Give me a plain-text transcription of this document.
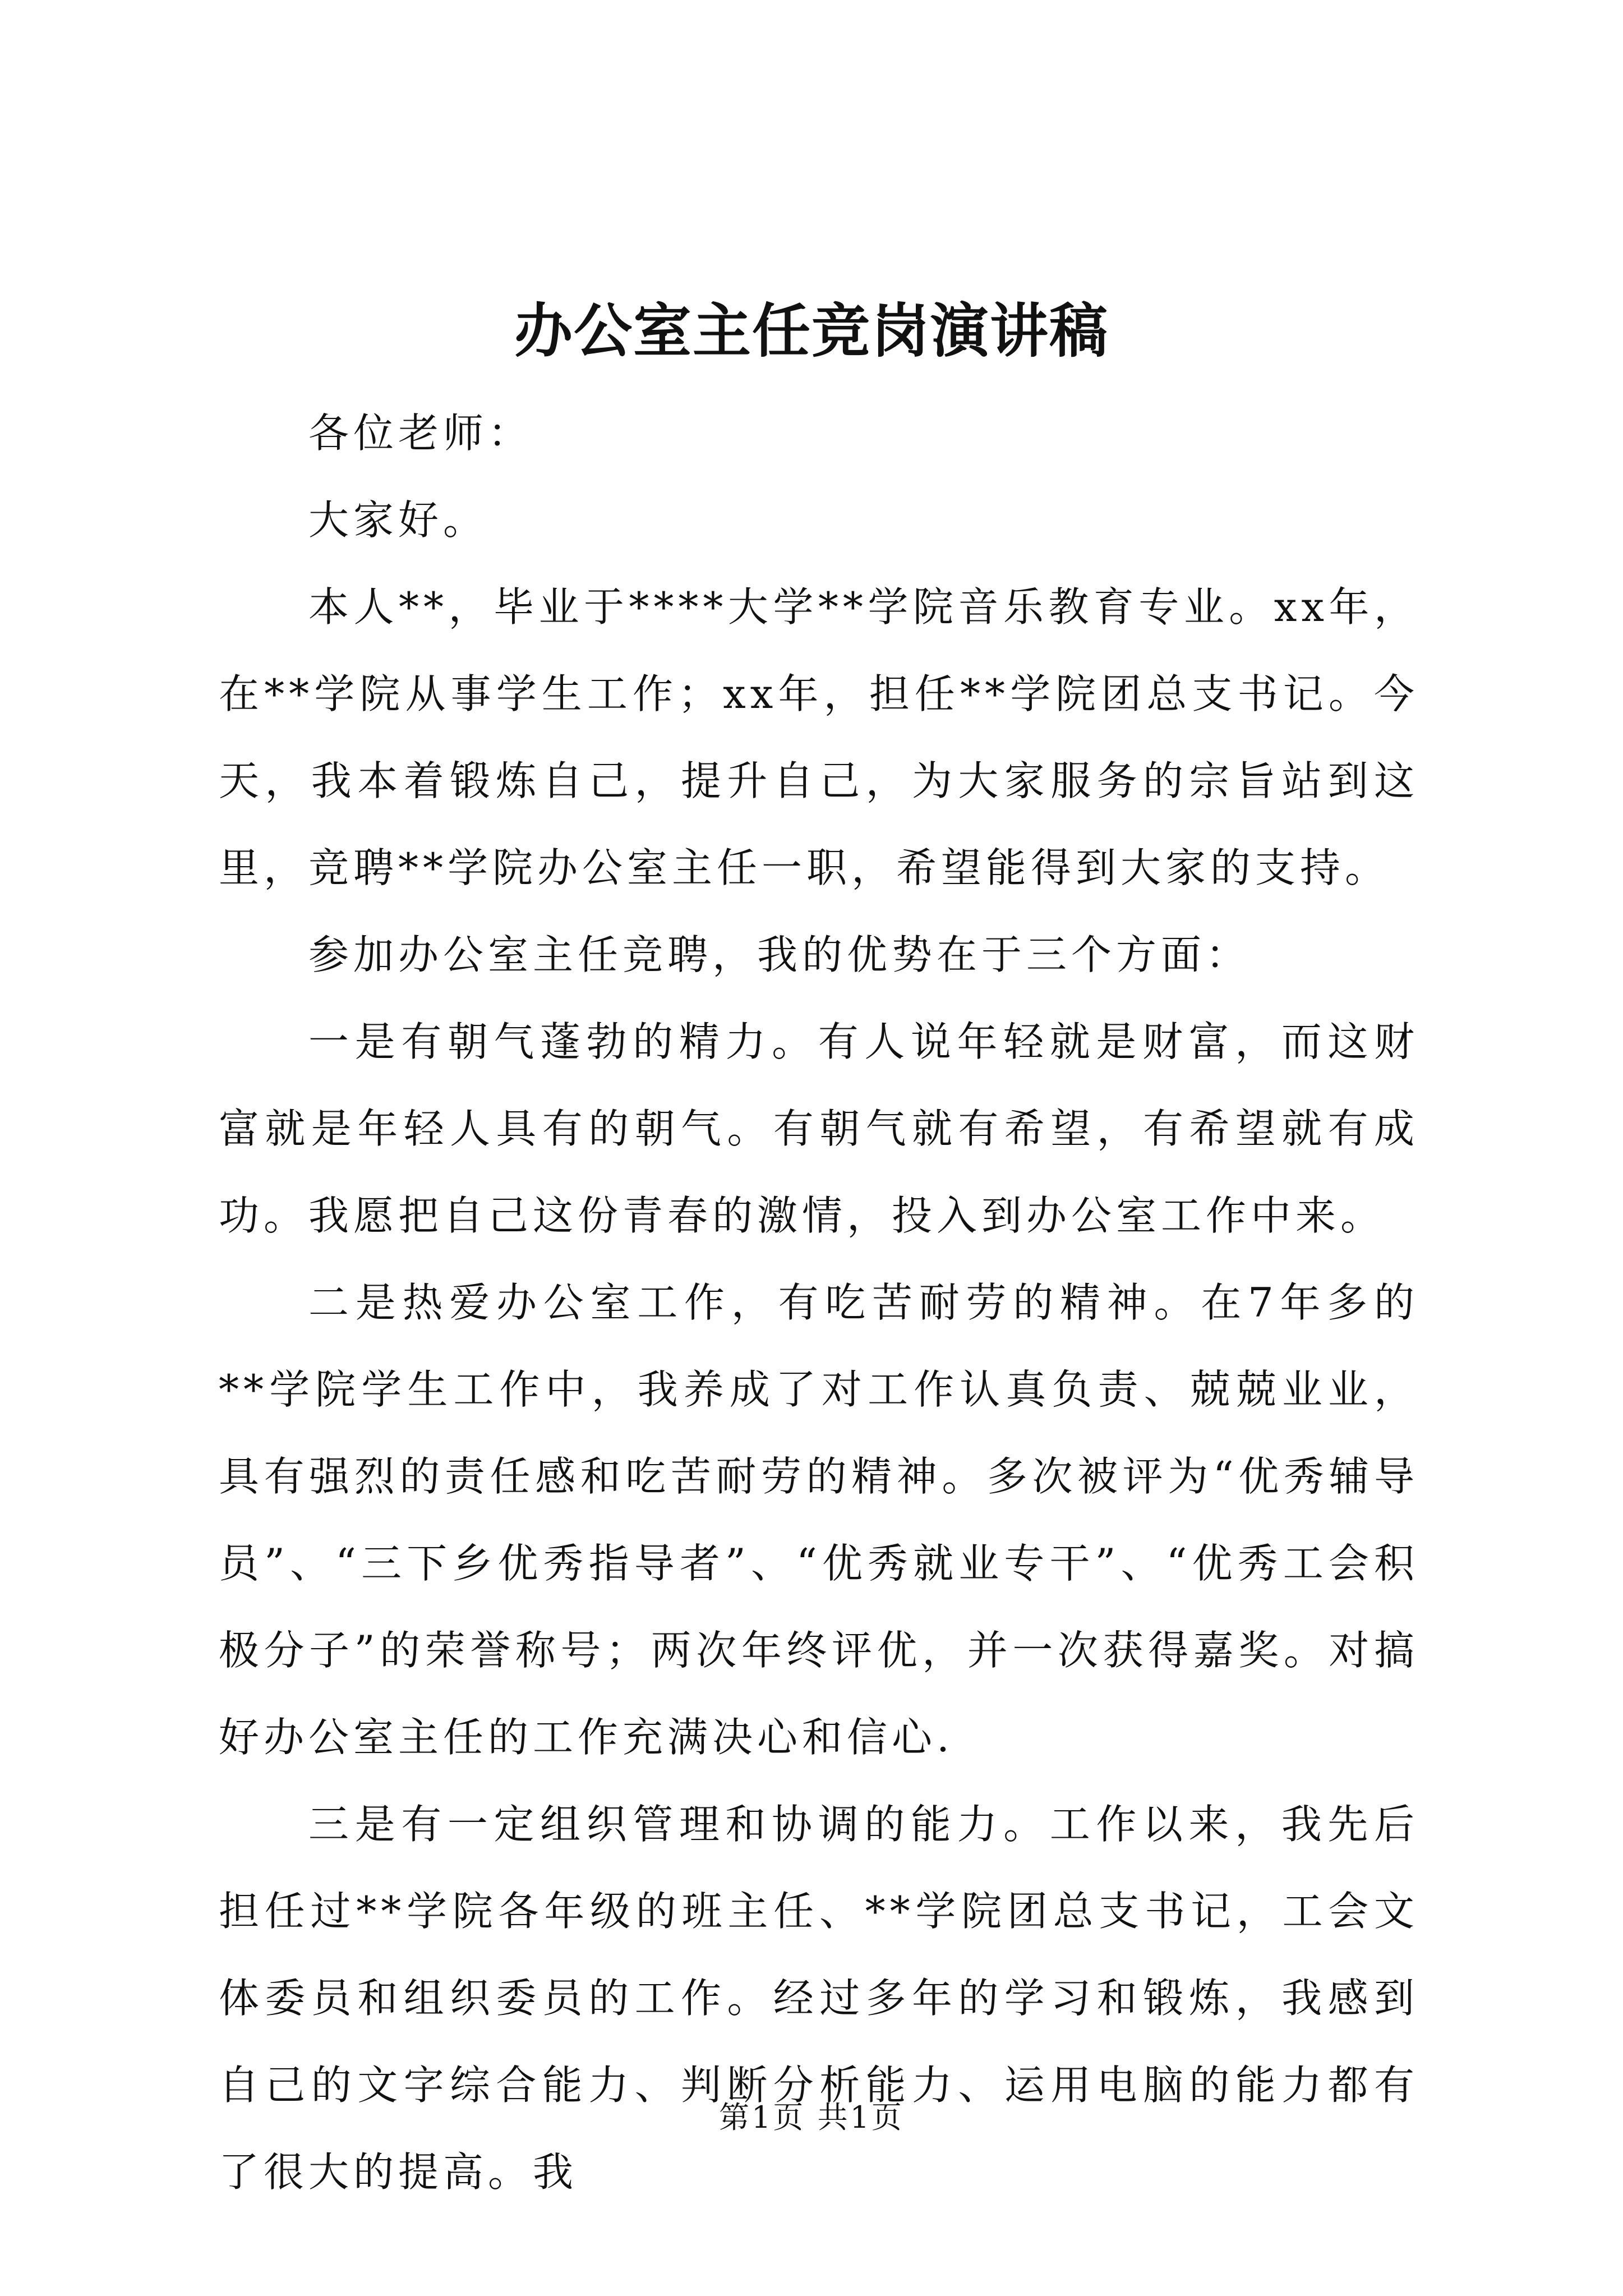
办公室主任竞岗演讲稿

各位老师：

大家好。

本人**，毕业于****大学**学院音乐教育专业。xx年，在**学院从事学生工作；xx年，担任**学院团总支书记。今天，我本着锻炼自己，提升自己，为大家服务的宗旨站到这里，竞聘**学院办公室主任一职，希望能得到大家的支持。

参加办公室主任竞聘，我的优势在于三个方面：

一是有朝气蓬勃的精力。有人说年轻就是财富，而这财富就是年轻人具有的朝气。有朝气就有希望，有希望就有成功。我愿把自己这份青春的激情，投入到办公室工作中来。

二是热爱办公室工作，有吃苦耐劳的精神。在7年多的**学院学生工作中，我养成了对工作认真负责、兢兢业业，具有强烈的责任感和吃苦耐劳的精神。多次被评为“优秀辅导员”、“三下乡优秀指导者”、“优秀就业专干”、“优秀工会积极分子”的荣誉称号；两次年终评优，并一次获得嘉奖。对搞好办公室主任的工作充满决心和信心.

三是有一定组织管理和协调的能力。工作以来，我先后担任过**学院各年级的班主任、**学院团总支书记，工会文体委员和组织委员的工作。经过多年的学习和锻炼，我感到自己的文字综合能力、判断分析能力、运用电脑的能力都有了很大的提高。我

第1页 共1页
